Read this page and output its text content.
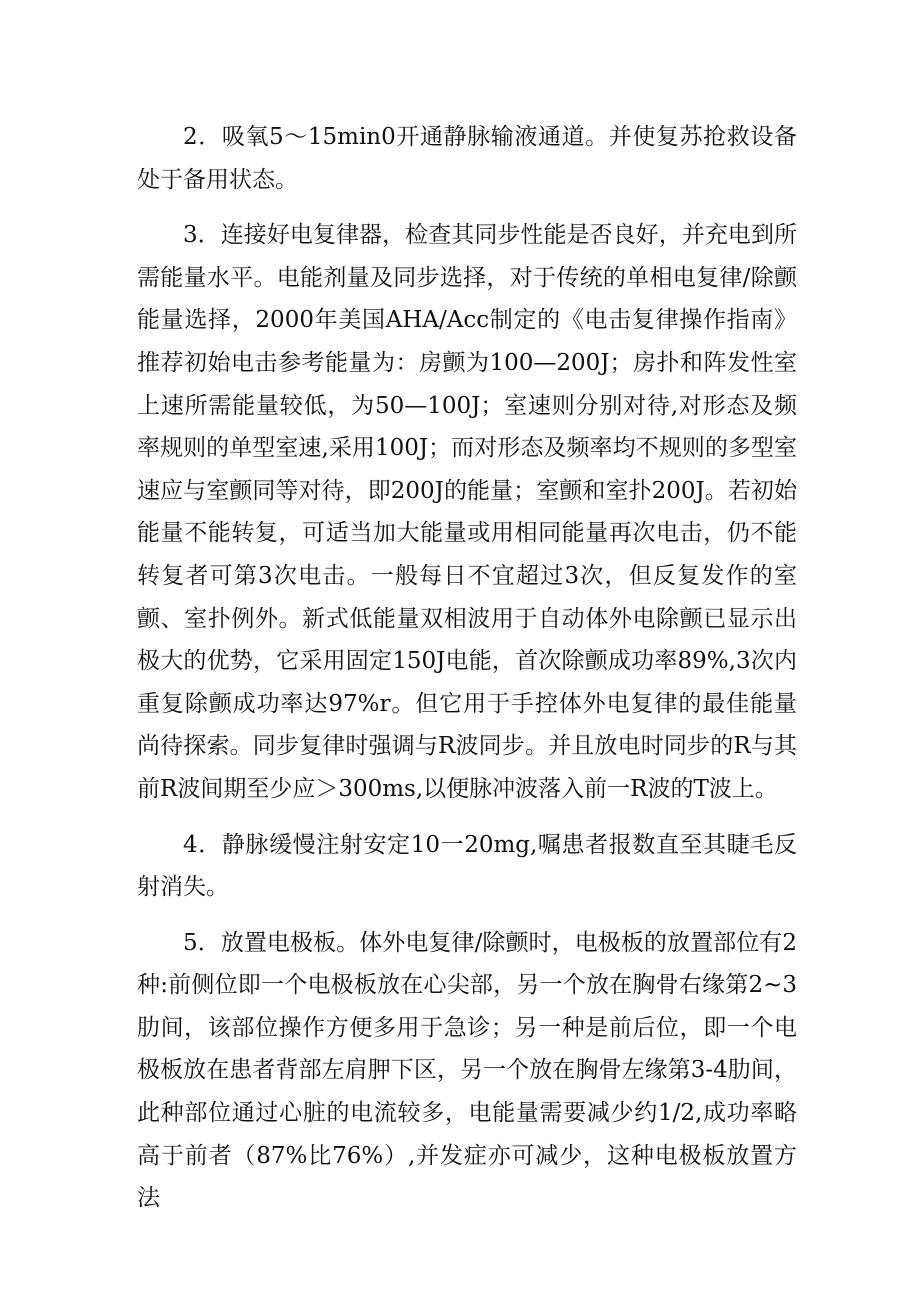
2．吸氧5～15min0开通静脉输液通道。并使复苏抢救设备处于备用状态。

3．连接好电复律器，检查其同步性能是否良好，并充电到所需能量水平。电能剂量及同步选择，对于传统的单相电复律/除颤能量选择，2000年美国AHA/Acc制定的《电击复律操作指南》推荐初始电击参考能量为：房颤为100—200J；房扑和阵发性室上速所需能量较低，为50—100J；室速则分别对待,对形态及频率规则的单型室速,采用100J；而对形态及频率均不规则的多型室速应与室颤同等对待，即200J的能量；室颤和室扑200J。若初始能量不能转复，可适当加大能量或用相同能量再次电击，仍不能转复者可第3次电击。一般每日不宜超过3次，但反复发作的室颤、室扑例外。新式低能量双相波用于自动体外电除颤已显示出极大的优势，它采用固定150J电能，首次除颤成功率89%,3次内重复除颤成功率达97%r。但它用于手控体外电复律的最佳能量尚待探索。同步复律时强调与R波同步。并且放电时同步的R与其前R波间期至少应＞300ms,以便脉冲波落入前一R波的T波上。

4．静脉缓慢注射安定10一20mg,嘱患者报数直至其睫毛反射消失。

5．放置电极板。体外电复律/除颤时，电极板的放置部位有2种:前侧位即一个电极板放在心尖部，另一个放在胸骨右缘第2~3肋间，该部位操作方便多用于急诊；另一种是前后位，即一个电极板放在患者背部左肩胛下区，另一个放在胸骨左缘第3-4肋间，此种部位通过心脏的电流较多，电能量需要减少约1/2,成功率略高于前者（87%比76%）,并发症亦可减少，这种电极板放置方法
